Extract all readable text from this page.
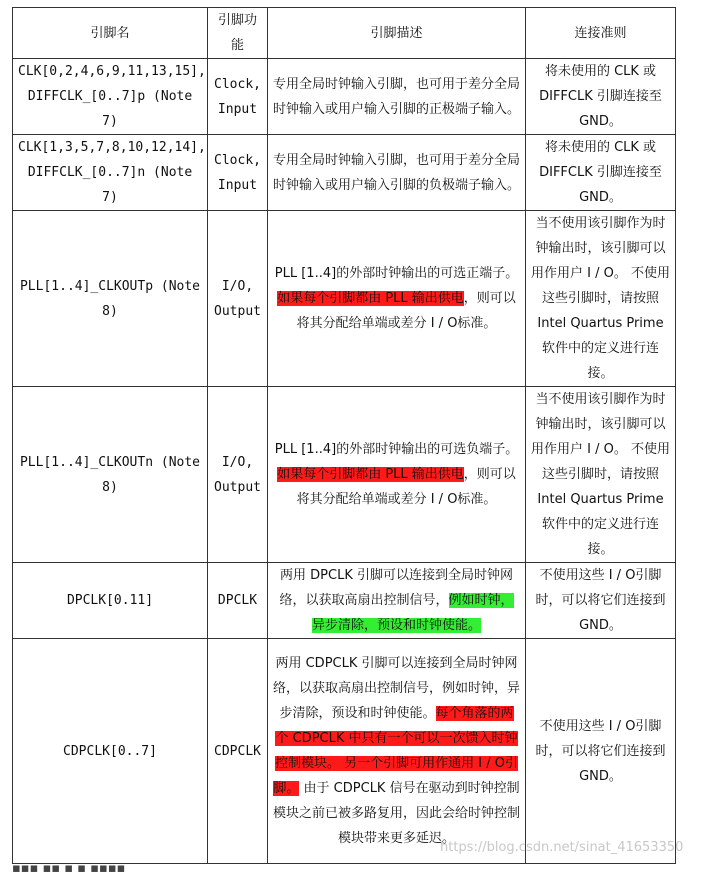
引脚名	引脚功能	引脚描述	连接准则
CLK[0,2,4,6,9,11,13,15], DIFFCLK_[0..7]p (Note 7)	Clock, Input	专用全局时钟输入引脚，也可用于差分全局时钟输入或用户输入引脚的正极端子输入。	将未使用的 CLK 或 DIFFCLK 引脚连接至 GND。
CLK[1,3,5,7,8,10,12,14], DIFFCLK_[0..7]n (Note 7)	Clock, Input	专用全局时钟输入引脚，也可用于差分全局时钟输入或用户输入引脚的负极端子输入。	将未使用的 CLK 或 DIFFCLK 引脚连接至 GND。
PLL[1..4]_CLKOUTp (Note 8)	I/O, Output	PLL [1..4]的外部时钟输出的可选正端子。 如果每个引脚都由 PLL 输出供电，则可以将其分配给单端或差分 I / O标准。	当不使用该引脚作为时钟输出时，该引脚可以用作用户 I / O。 不使用这些引脚时，请按照 Intel Quartus Prime 软件中的定义进行连接。
PLL[1..4]_CLKOUTn (Note 8)	I/O, Output	PLL [1..4]的外部时钟输出的可选负端子。 如果每个引脚都由 PLL 输出供电，则可以将其分配给单端或差分 I / O标准。	当不使用该引脚作为时钟输出时，该引脚可以用作用户 I / O。 不使用这些引脚时，请按照 Intel Quartus Prime 软件中的定义进行连接。
DPCLK[0.11]	DPCLK	两用 DPCLK 引脚可以连接到全局时钟网络，以获取高扇出控制信号，例如时钟，异步清除，预设和时钟使能。	不使用这些 I / O引脚时，可以将它们连接到 GND。
CDPCLK[0..7]	CDPCLK	两用 CDPCLK 引脚可以连接到全局时钟网络，以获取高扇出控制信号，例如时钟，异步清除，预设和时钟使能。每个角落的两个 CDPCLK 中只有一个可以一次馈入时钟控制模块。 另一个引脚可用作通用 I / O引脚。 由于 CDPCLK 信号在驱动到时钟控制模块之前已被多路复用，因此会给时钟控制模块带来更多延迟。	不使用这些 I / O引脚时，可以将它们连接到 GND。
https://blog.csdn.net/sinat_41653350
▪▪▪ ▪▪ ▪ ▪ ▪▪▪▪
